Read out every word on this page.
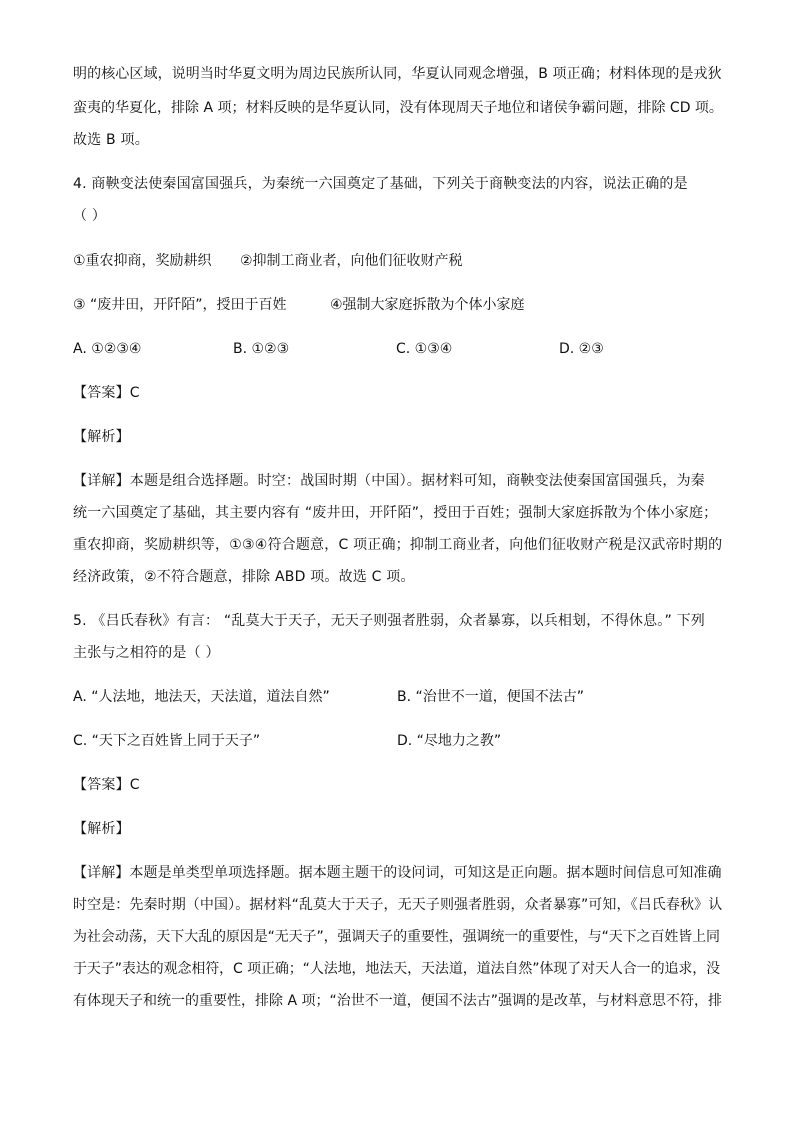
明的核心区域，说明当时华夏文明为周边民族所认同，华夏认同观念增强，B 项正确；材料体现的是戎狄
蛮夷的华夏化，排除 A 项；材料反映的是华夏认同，没有体现周天子地位和诸侯争霸问题，排除 CD 项。
故选 B 项。
4. 商鞅变法使秦国富国强兵，为秦统一六国奠定了基础，下列关于商鞅变法的内容，说法正确的是
（ ）
①重农抑商，奖励耕织 ②抑制工商业者，向他们征收财产税
③ “废井田，开阡陌”，授田于百姓	④强制大家庭拆散为个体小家庭
A. ①②③④	B. ①②③	C. ①③④	D. ②③
【答案】C
【解析】
【详解】本题是组合选择题。时空：战国时期（中国）。据材料可知，商鞅变法使秦国富国强兵，为秦
统一六国奠定了基础，其主要内容有 “废井田，开阡陌”，授田于百姓；强制大家庭拆散为个体小家庭；
重农抑商，奖励耕织等，①③④符合题意，C 项正确；抑制工商业者，向他们征收财产税是汉武帝时期的
经济政策，②不符合题意，排除 ABD 项。故选 C 项。
5. 《吕氏春秋》有言： “乱莫大于天子，无天子则强者胜弱，众者暴寡，以兵相刬，不得休息。” 下列
主张与之相符的是（ ）
A. “人法地，地法天，天法道，道法自然”	B. “治世不一道，便国不法古”
C. “天下之百姓皆上同于天子”	D. “尽地力之教”
【答案】C
【解析】
【详解】本题是单类型单项选择题。据本题主题干的设问词，可知这是正向题。据本题时间信息可知准确
时空是：先秦时期（中国）。据材料“乱莫大于天子，无天子则强者胜弱，众者暴寡”可知，《吕氏春秋》认
为社会动荡，天下大乱的原因是“无天子”，强调天子的重要性，强调统一的重要性，与“天下之百姓皆上同
于天子”表达的观念相符，C 项正确；“人法地，地法天，天法道，道法自然”体现了对天人合一的追求，没
有体现天子和统一的重要性，排除 A 项；“治世不一道，便国不法古”强调的是改革，与材料意思不符，排
